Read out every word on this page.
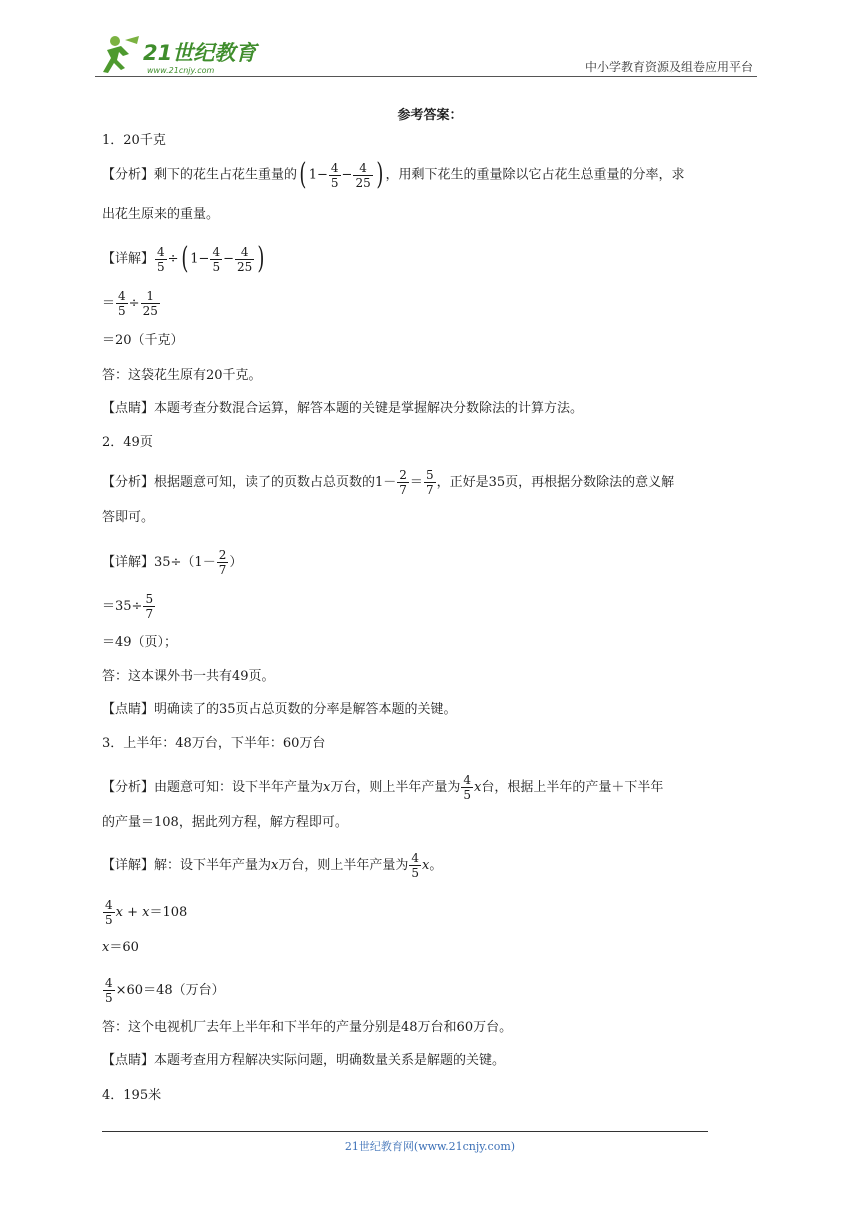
21世纪教育
www.21cnjy.com	中小学教育资源及组卷应用平台
参考答案：
1．20千克
【分析】剩下的花生占花生重量的( $1- \frac{4}{5} - \frac{4}{25}$ ) ，用剩下花生的重量除以它占花生总重量的分率，求
出花生原来的重量。
【详解】 $\frac{4}{5}$ ÷( $1- \frac{4}{5} - \frac{4}{25}$ )
＝ $\frac{4}{5} \div \frac{1}{25}$
＝20（千克）
答：这袋花生原有20千克。
【点睛】本题考查分数混合运算，解答本题的关键是掌握解决分数除法的计算方法。
2．49页
【分析】根据题意可知，读了的页数占总页数的$1- \frac{2}{7} = \frac{5}{7}$ ，正好是35页，再根据分数除法的意义解
答即可。
【详解】$35\div(1- \frac{2}{7}$ ）
$=35\div \frac{5}{7}$
＝49（页）；
答：这本课外书一共有49页。
【点睛】明确读了的35页占总页数的分率是解答本题的关键。
3．上半年：48万台，下半年：60万台
【分析】由题意可知：设下半年产量为x万台，则上半年产量为 $\frac{4}{5}$ x台，根据上半年的产量＋下半年
的产量＝108，据此列方程，解方程即可。
【详解】解：设下半年产量为x万台，则上半年产量为 $\frac{4}{5}$ x。
$\frac{4}{5}$ x + x＝108
x＝60
$\frac{4}{5} \times 60=48$（万台）
答：这个电视机厂去年上半年和下半年的产量分别是48万台和60万台。
【点睛】本题考查用方程解决实际问题，明确数量关系是解题的关键。
4．195米
21世纪教育网(www.21cnjy.com)
